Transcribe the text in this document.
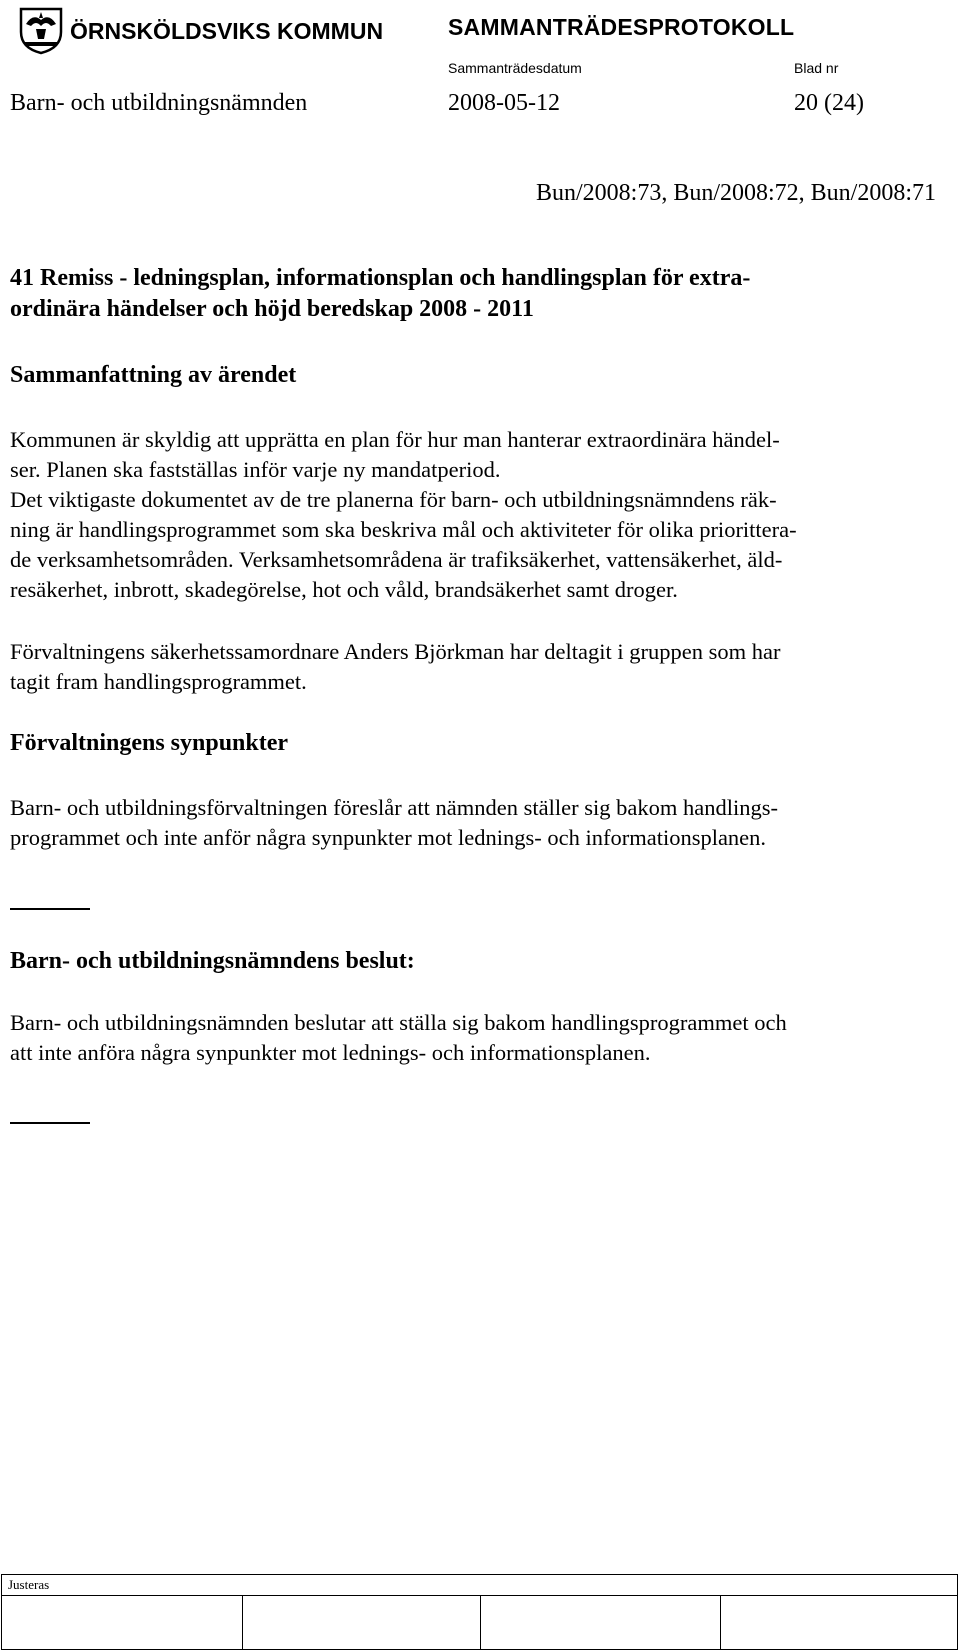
ÖRNSKÖLDSVIKS KOMMUN	SAMMANTRÄDESPROTOKOLL
Sammanträdesdatum	Blad nr
Barn- och utbildningsnämnden	2008-05-12	20 (24)
Bun/2008:73, Bun/2008:72, Bun/2008:71
41 Remiss - ledningsplan, informationsplan och handlingsplan för extra-
ordinära händelser och höjd beredskap 2008 - 2011
Sammanfattning av ärendet
Kommunen är skyldig att upprätta en plan för hur man hanterar extraordinära händel-
ser. Planen ska fastställas inför varje ny mandatperiod.
Det viktigaste dokumentet av de tre planerna för barn- och utbildningsnämndens räk-
ning är handlingsprogrammet som ska beskriva mål och aktiviteter för olika priorittera-
de verksamhetsområden. Verksamhetsområdena är trafiksäkerhet, vattensäkerhet, äld-
resäkerhet, inbrott, skadegörelse, hot och våld, brandsäkerhet samt droger.
Förvaltningens säkerhetssamordnare Anders Björkman har deltagit i gruppen som har
tagit fram handlingsprogrammet.
Förvaltningens synpunkter
Barn- och utbildningsförvaltningen föreslår att nämnden ställer sig bakom handlings-
programmet och inte anför några synpunkter mot lednings- och informationsplanen.
Barn- och utbildningsnämndens beslut:
Barn- och utbildningsnämnden beslutar att ställa sig bakom handlingsprogrammet och
att inte anföra några synpunkter mot lednings- och informationsplanen.
Justeras
